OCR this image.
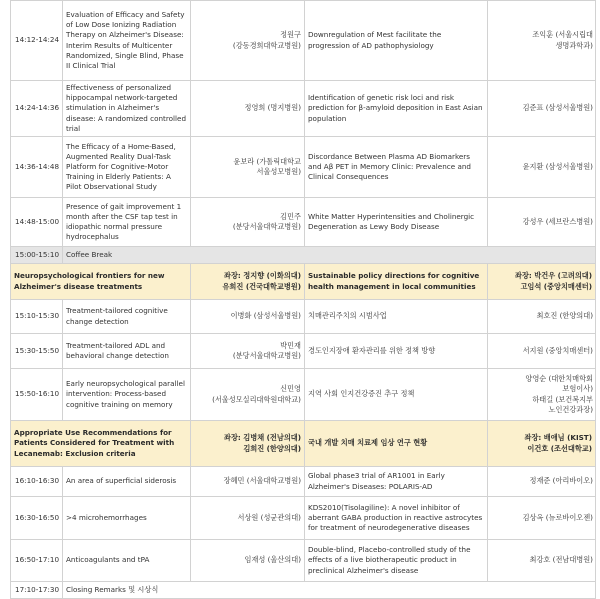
14:12-14:24	Evaluation of Efficacy and Safety of Low Dose Ionizing Radiation Therapy on Alzheimer's Disease: Interim Results of Multicenter Randomized, Single Blind, Phase II Clinical Trial	정원구
(강동경희대학교병원)	Downregulation of Mest facilitate the progression of AD pathophysiology	조익훈 (서울시립대
생명과학과)

14:24-14:36	Effectiveness of personalized hippocampal network-targeted stimulation in Alzheimer's disease: A randomized controlled trial	정영희 (명지병원)	Identification of genetic risk loci and risk prediction for β-amyloid deposition in East Asian population	김준표 (삼성서울병원)

14:36-14:48	The Efficacy of a Home-Based, Augmented Reality Dual-Task Platform for Cognitive-Motor Training in Elderly Patients: A Pilot Observational Study	윤보라 (가톨릭대학교
서울성모병원)	Discordance Between Plasma AD Biomarkers and Aβ PET in Memory Clinic: Prevalence and Clinical Consequences	윤지환 (삼성서울병원)

14:48-15:00	Presence of gait improvement 1 month after the CSF tap test in idiopathic normal pressure hydrocephalus	김민주
(분당서울대학교병원)	White Matter Hyperintensities and Cholinergic Degeneration as Lewy Body Disease	강성우 (세브란스병원)

15:00-15:10	Coffee Break			
Neuropsychological frontiers for new Alzheimer's disease treatments		좌장: 정지향 (이화의대)
유희진 (건국대학교병원)	Sustainable policy directions for cognitive health management in local communities	좌장: 박건우 (고려의대)
고임석 (중앙치매센터)

15:10-15:30	Treatment-tailored cognitive change detection	이병화 (삼성서울병원)	치매관리주치의 시범사업	최호진 (한양의대)

15:30-15:50	Treatment-tailored ADL and behavioral change detection	박민재
(분당서울대학교병원)	경도인지장애 환자관리를 위한 정책 방향	서지원 (중앙치매센터)

15:50-16:10	Early neuropsychological parallel intervention: Process-based cognitive training on memory	신민영
(서울성모실리대학원대학교)	지역 사회 인지건강증진 추구 정책	양영순 (대한치매학회
보험이사)
하태길 (보건복지부
노인건강과장)

Appropriate Use Recommendations for Patients Considered for Treatment with Lecanemab: Exclusion criteria		좌장: 김병채 (전남의대)
김희진 (한양의대)	국내 개발 치매 치료제 임상 연구 현황	좌장: 배애님 (KIST)
이건호 (조선대학교)

16:10-16:30	An area of superficial siderosis	장혜민 (서울대학교병원)	Global phase3 trial of AR1001 in Early Alzheimer's Diseases: POLARIS-AD	정재준 (아리바이오)

16:30-16:50	>4 microhemorrhages	서상원 (성균관의대)	KDS2010(Tisolagiline): A novel inhibitor of aberrant GABA production in reactive astrocytes for treatment of neurodegenerative diseases	김상옥 (뉴로바이오젠)

16:50-17:10	Anticoagulants and tPA	임재성 (울산의대)	Double-blind, Placebo-controlled study of the effects of a live biotherapeutic product in preclinical Alzheimer's disease	최강호 (전남대병원)

17:10-17:30	Closing Remarks 및 시상식			
